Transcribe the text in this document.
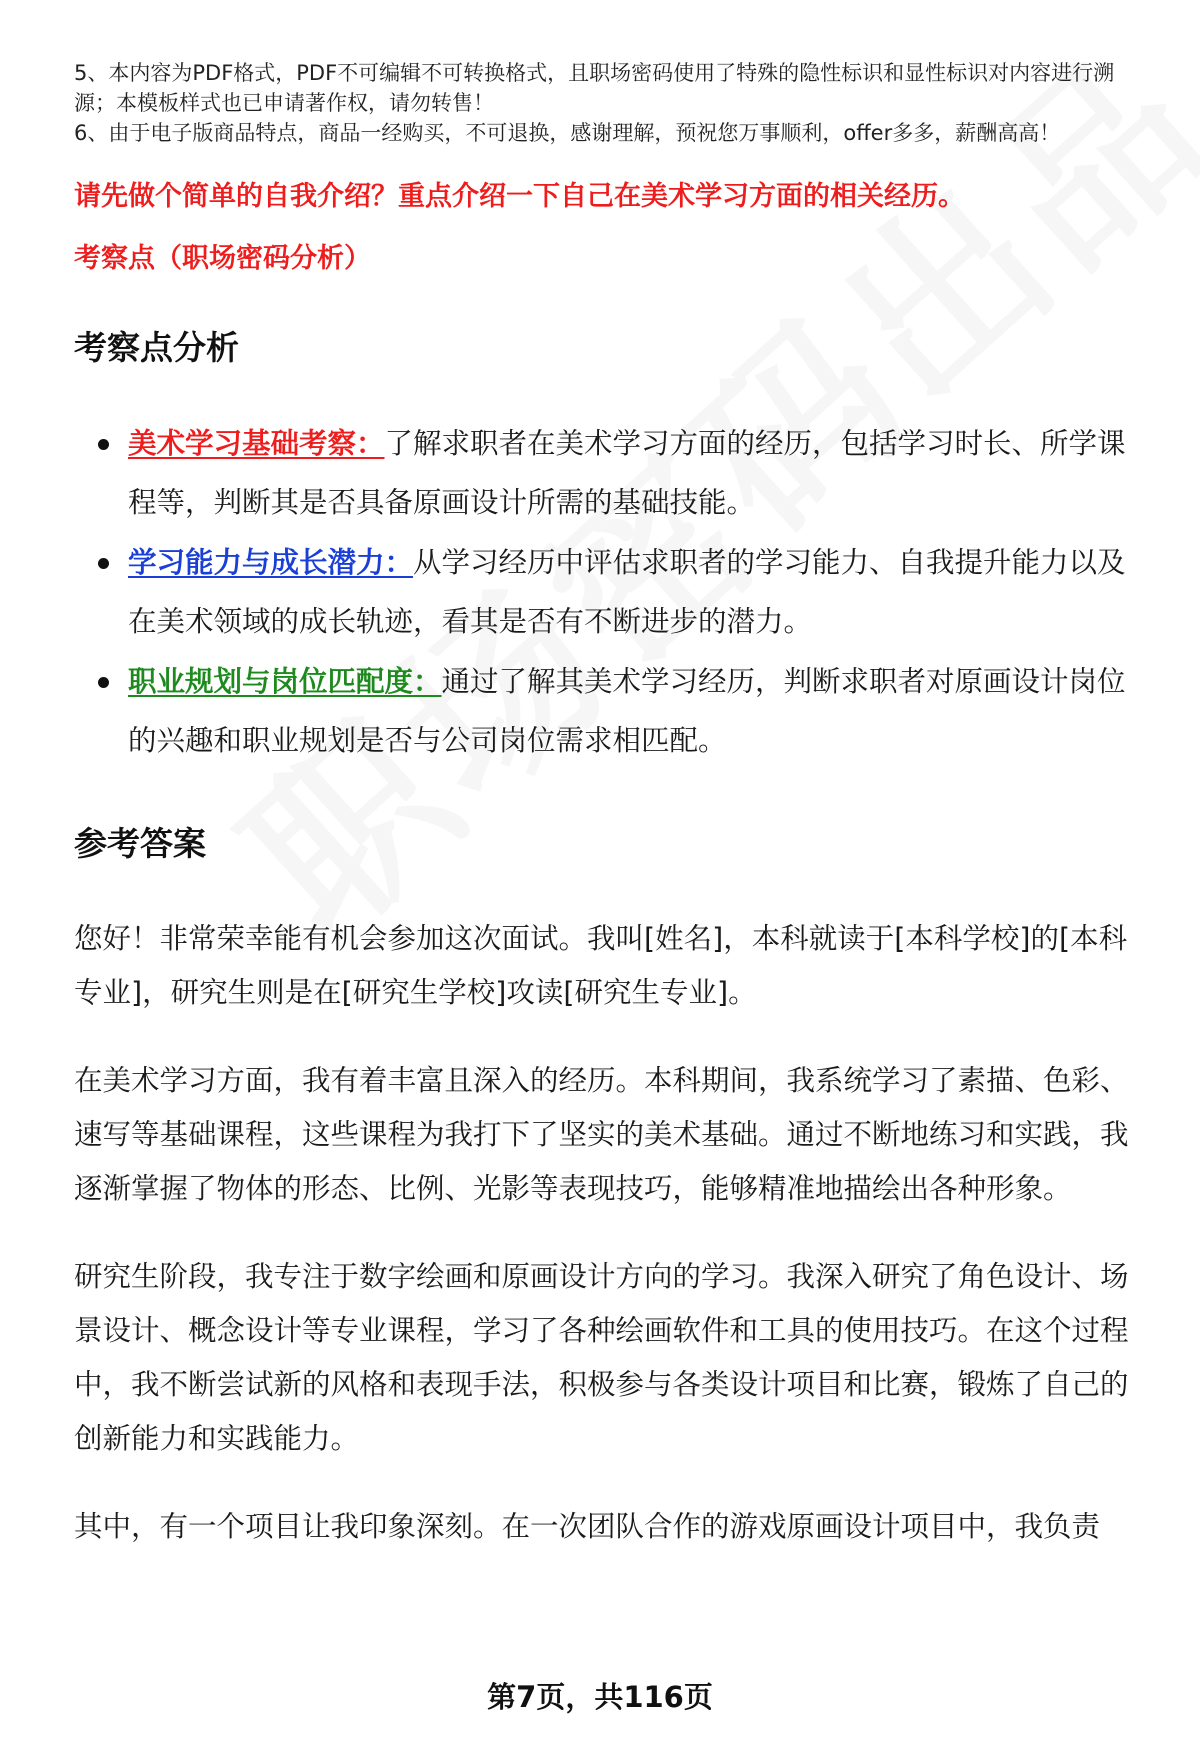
5、本内容为PDF格式，PDF不可编辑不可转换格式，且职场密码使用了特殊的隐性标识和显性标识对内容进行溯源；本模板样式也已申请著作权，请勿转售！

6、由于电子版商品特点，商品一经购买，不可退换，感谢理解，预祝您万事顺利，offer多多，薪酬高高！

请先做个简单的自我介绍？重点介绍一下自己在美术学习方面的相关经历。
考察点（职场密码分析）
考察点分析
美术学习基础考察：了解求职者在美术学习方面的经历，包括学习时长、所学课程等，判断其是否具备原画设计所需的基础技能。
学习能力与成长潜力：从学习经历中评估求职者的学习能力、自我提升能力以及在美术领域的成长轨迹，看其是否有不断进步的潜力。
职业规划与岗位匹配度：通过了解其美术学习经历，判断求职者对原画设计岗位的兴趣和职业规划是否与公司岗位需求相匹配。
参考答案

您好！非常荣幸能有机会参加这次面试。我叫[姓名]，本科就读于[本科学校]的[本科专业]，研究生则是在[研究生学校]攻读[研究生专业]。

在美术学习方面，我有着丰富且深入的经历。本科期间，我系统学习了素描、色彩、速写等基础课程，这些课程为我打下了坚实的美术基础。通过不断地练习和实践，我逐渐掌握了物体的形态、比例、光影等表现技巧，能够精准地描绘出各种形象。

研究生阶段，我专注于数字绘画和原画设计方向的学习。我深入研究了角色设计、场景设计、概念设计等专业课程，学习了各种绘画软件和工具的使用技巧。在这个过程中，我不断尝试新的风格和表现手法，积极参与各类设计项目和比赛，锻炼了自己的创新能力和实践能力。

其中，有一个项目让我印象深刻。在一次团队合作的游戏原画设计项目中，我负责

第7页，共116页
